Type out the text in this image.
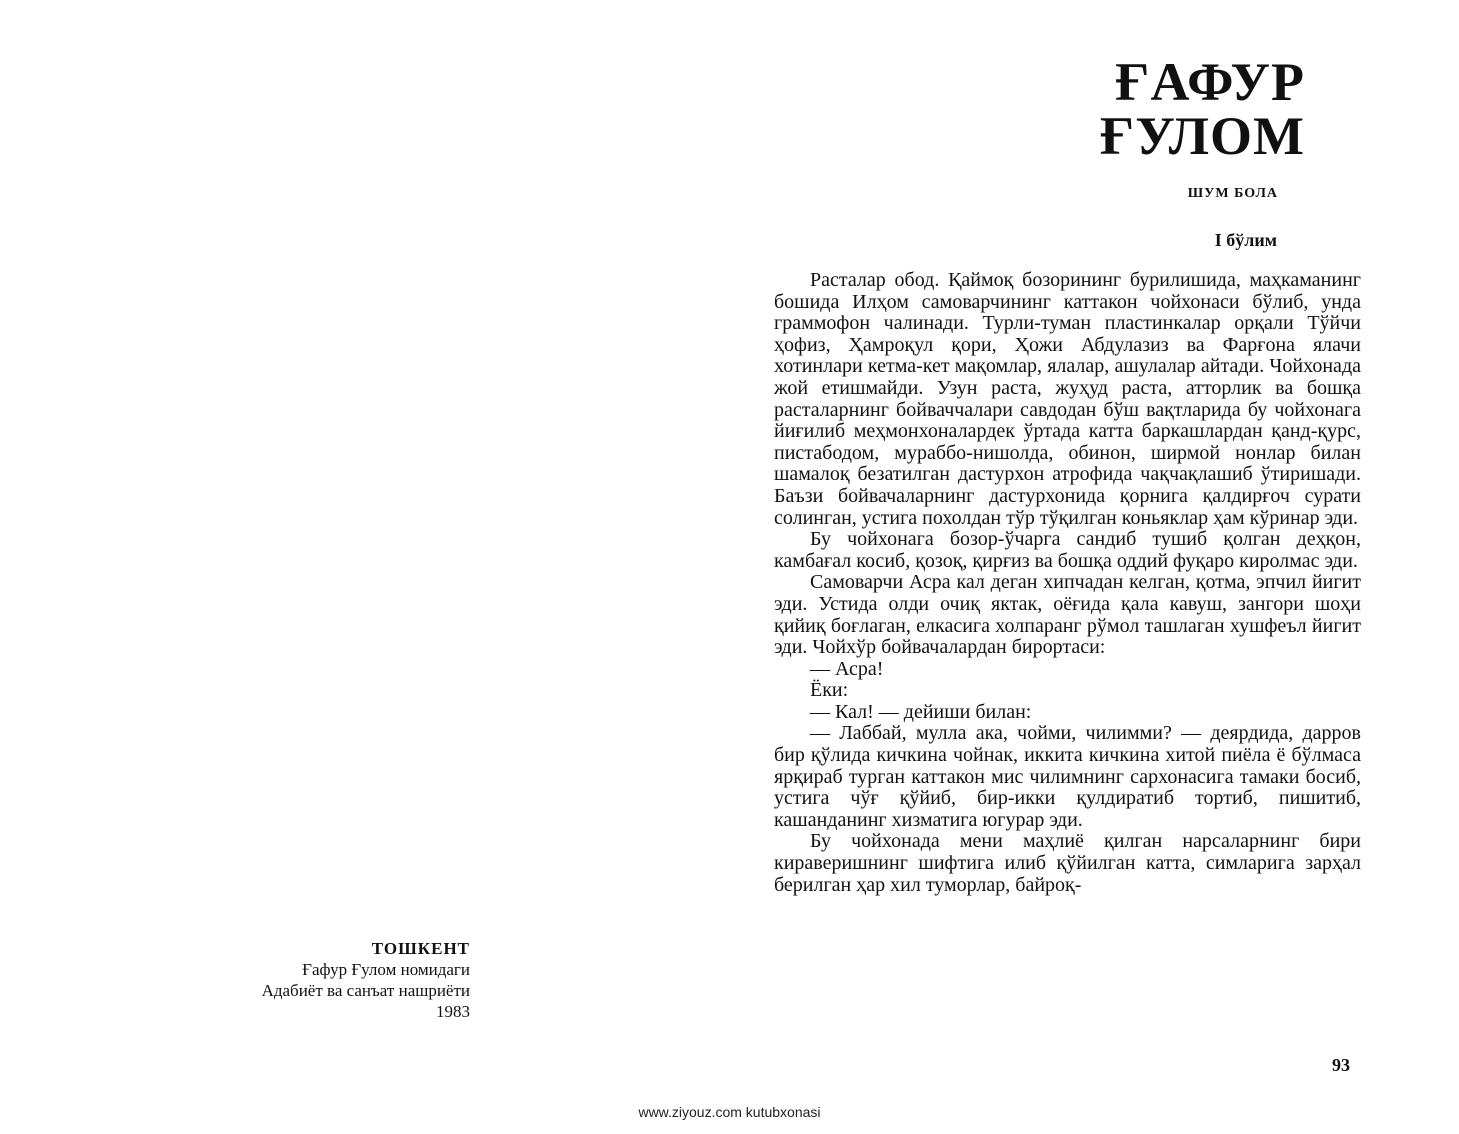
ТОШКЕНТ
Ғафур Ғулом номидаги
Адабиёт ва санъат нашриёти
1983
ҒАФУР
ҒУЛОМ
ШУМ БОЛА
I бўлим

Расталар обод. Қаймоқ бозорининг бурилишида, маҳкаманинг бошида Илҳом самоварчининг каттакон чойхонаси бўлиб, унда граммофон чалинади. Турли-туман пластинкалар орқали Тўйчи ҳофиз, Ҳамроқул қори, Ҳожи Абдулазиз ва Фарғона ялачи хотинлари кетма-кет мақомлар, ялалар, ашулалар айтади. Чойхонада жой етишмайди. Узун раста, жуҳуд раста, атторлик ва бошқа расталарнинг бойваччалари савдодан бўш вақтларида бу чойхонага йиғилиб меҳмонхоналардек ўртада катта баркашлардан қанд-қурс, пистабодом, мураббо-нишолда, обинон, ширмой нонлар билан шамалоқ безатилган дастурхон атрофида чақчақлашиб ўтиришади. Баъзи бойвачаларнинг дастурхонида қорнига қалдирғоч сурати солинган, устига похолдан тўр тўқилган коньяклар ҳам кўринар эди.

Бу чойхонага бозор-ўчарга сандиб тушиб қолган деҳқон, камбағал косиб, қозоқ, қирғиз ва бошқа оддий фуқаро киролмас эди.

Самоварчи Асра кал деган хипчадан келган, қотма, эпчил йигит эди. Устида олди очиқ яктак, оёғида қала кавуш, зангори шоҳи қийиқ боғлаган, елкасига холпаранг рўмол ташлаган хушфеъл йигит эди. Чойхўр бойвачалардан бирортаси:

— Асра!

Ёки:

— Кал! — дейиши билан:

— Лаббай, мулла ака, чойми, чилимми? — деярдида, дарров бир қўлида кичкина чойнак, иккита кичкина хитой пиёла ё бўлмаса ярқираб турган каттакон мис чилимнинг сархонасига тамаки босиб, устига чўғ қўйиб, бир-икки қулдиратиб тортиб, пишитиб, кашанданинг хизматига югурар эди.

Бу чойхонада мени маҳлиё қилган нарсаларнинг бири кираверишнинг шифтига илиб қўйилган катта, симларига зарҳал берилган ҳар хил туморлар, байроқ-

93
www.ziyouz.com kutubxonasi
